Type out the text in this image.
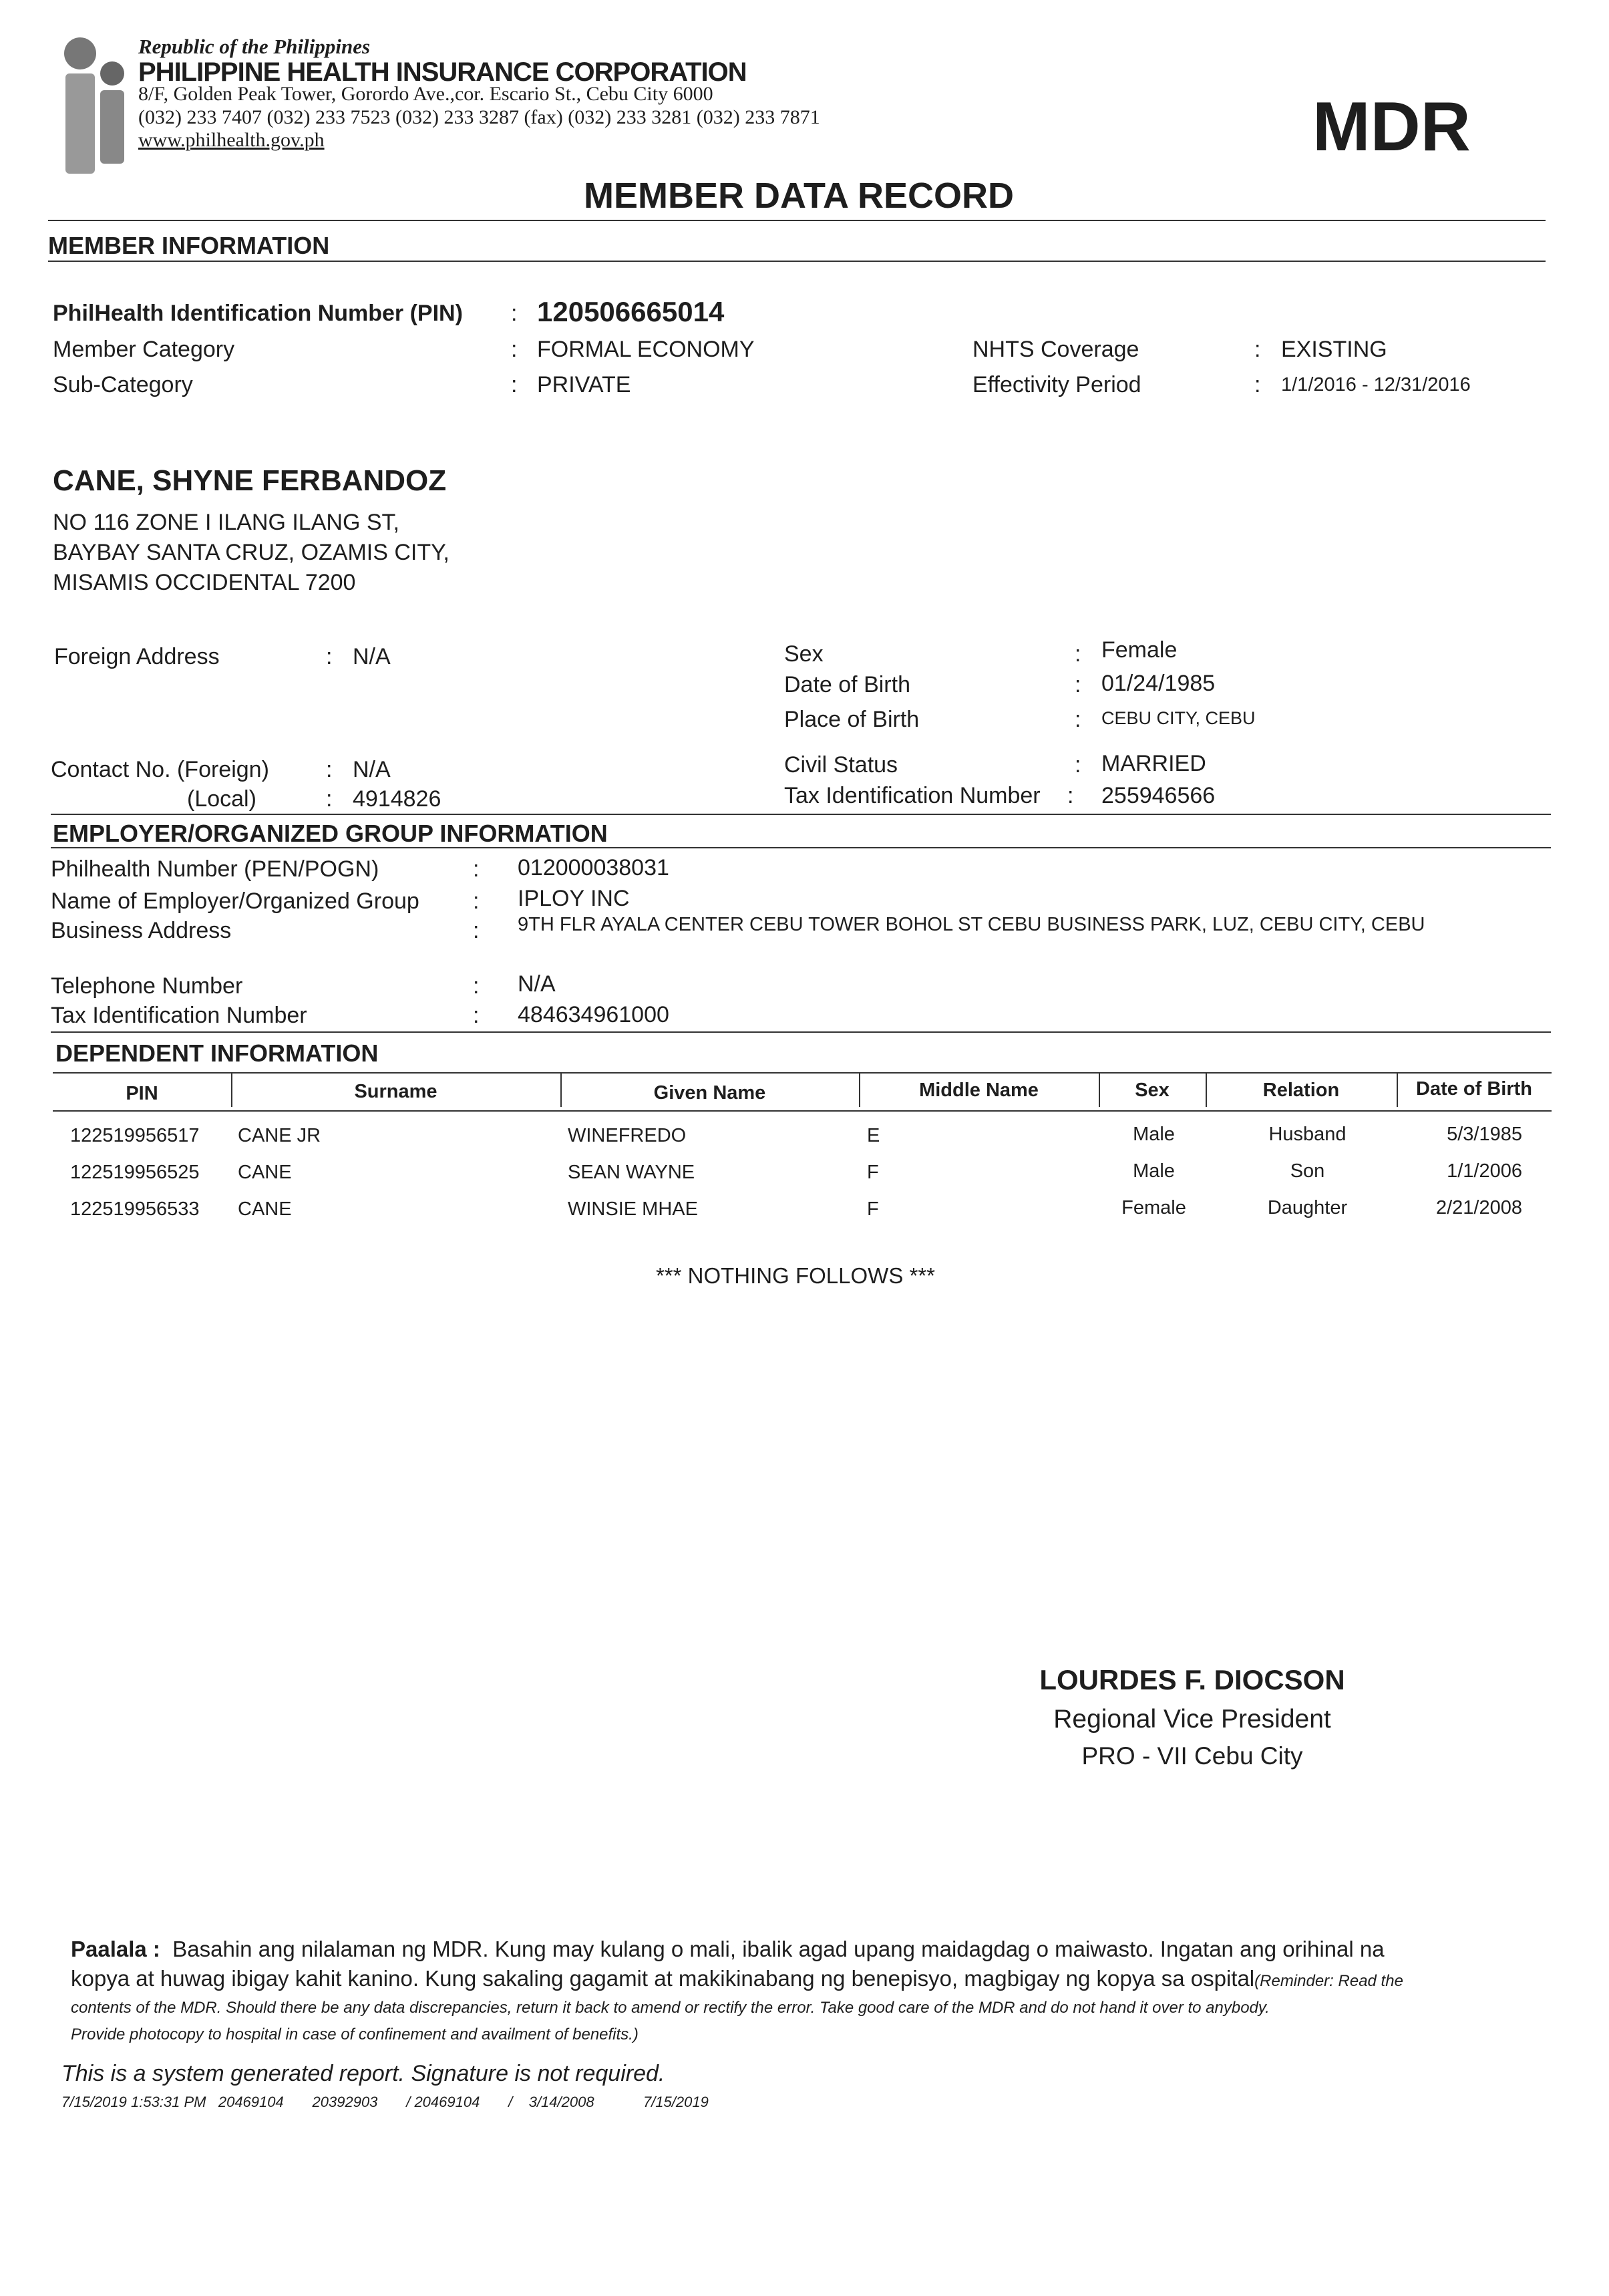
Republic of the Philippines
PHILIPPINE HEALTH INSURANCE CORPORATION
8/F, Golden Peak Tower, Gorordo Ave.,cor. Escario St., Cebu City 6000
(032) 233 7407 (032) 233 7523 (032) 233 3287 (fax) (032) 233 3281 (032) 233 7871
www.philhealth.gov.ph	MDR
MEMBER DATA RECORD
MEMBER INFORMATION
PhilHealth Identification Number (PIN) : 120506665014
Member Category	: FORMAL ECONOMY
Sub-Category	: PRIVATE
NHTS Coverage	: EXISTING
Effectivity Period	: 1/1/2016 - 12/31/2016
CANE, SHYNE FERBANDOZ
NO 116 ZONE I ILANG ILANG ST,
BAYBAY SANTA CRUZ, OZAMIS CITY,
MISAMIS OCCIDENTAL 7200
Foreign Address	: N/A
Contact No. (Foreign)	: N/A
(Local)	: 4914826
Sex	: Female
Date of Birth	: 01/24/1985
Place of Birth	: CEBU CITY, CEBU
Civil Status	: MARRIED
Tax Identification Number : 255946566
EMPLOYER/ORGANIZED GROUP INFORMATION
Philhealth Number (PEN/POGN)	: 012000038031
Name of Employer/Organized Group : IPLOY INC
Business Address	: 9TH FLR AYALA CENTER CEBU TOWER BOHOL ST CEBU BUSINESS PARK, LUZ, CEBU CITY, CEBU
Telephone Number	: N/A
Tax Identification Number	: 484634961000
DEPENDENT INFORMATION
PIN	Surname	Given Name	Middle Name	Sex	Relation	Date of Birth
122519956517 CANE JR	WINEFREDO	E	Male	Husband	5/3/1985
122519956525 CANE	SEAN WAYNE	F	Male	Son	1/1/2006
122519956533 CANE	WINSIE MHAE	F	Female	Daughter	2/21/2008
*** NOTHING FOLLOWS ***
LOURDES F. DIOCSON
Regional Vice President
PRO - VII Cebu City
Paalala : Basahin ang nilalaman ng MDR. Kung may kulang o mali, ibalik agad upang maidagdag o maiwasto. Ingatan ang orihinal na
kopya at huwag ibigay kahit kanino. Kung sakaling gagamit at makikinabang ng benepisyo, magbigay ng kopya sa ospital(Reminder: Read the
contents of the MDR. Should there be any data discrepancies, return it back to amend or rectify the error. Take good care of the MDR and do not hand it over to anybody.
Provide photocopy to hospital in case of confinement and availment of benefits.)
This is a system generated report. Signature is not required.
7/15/2019 1:53:31 PM 20469104 20392903 / 20469104 / 3/14/2008	7/15/2019
